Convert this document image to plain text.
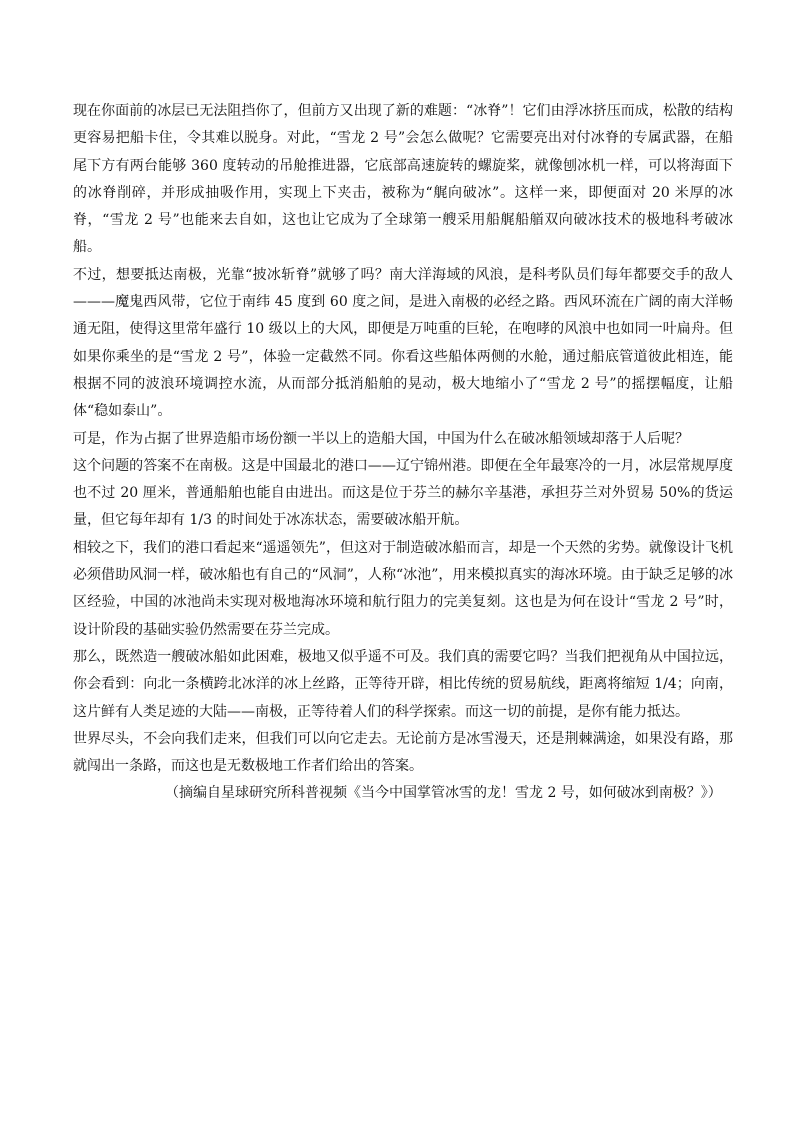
现在你面前的冰层已无法阻挡你了，但前方又出现了新的难题：“冰脊”！它们由浮冰挤压而成，松散的结构更容易把船卡住，令其难以脱身。对此，“雪龙 2 号”会怎么做呢？它需要亮出对付冰脊的专属武器，在船尾下方有两台能够 360 度转动的吊舱推进器，它底部高速旋转的螺旋桨，就像刨冰机一样，可以将海面下的冰脊削碎，并形成抽吸作用，实现上下夹击，被称为“艉向破冰”。这样一来，即便面对 20 米厚的冰脊，“雪龙 2 号”也能来去自如，这也让它成为了全球第一艘采用船艉船艏双向破冰技术的极地科考破冰船。

不过，想要抵达南极，光靠“披冰斩脊”就够了吗？南大洋海域的风浪，是科考队员们每年都要交手的敌人———魔鬼西风带，它位于南纬 45 度到 60 度之间，是进入南极的必经之路。西风环流在广阔的南大洋畅通无阻，使得这里常年盛行 10 级以上的大风，即便是万吨重的巨轮，在咆哮的风浪中也如同一叶扁舟。但如果你乘坐的是“雪龙 2 号”，体验一定截然不同。你看这些船体两侧的水舱，通过船底管道彼此相连，能根据不同的波浪环境调控水流，从而部分抵消船舶的晃动，极大地缩小了“雪龙 2 号”的摇摆幅度，让船体“稳如泰山”。

可是，作为占据了世界造船市场份额一半以上的造船大国，中国为什么在破冰船领域却落于人后呢？

这个问题的答案不在南极。这是中国最北的港口——辽宁锦州港。即便在全年最寒冷的一月，冰层常规厚度也不过 20 厘米，普通船舶也能自由进出。而这是位于芬兰的赫尔辛基港，承担芬兰对外贸易 50%的货运量，但它每年却有 1/3 的时间处于冰冻状态，需要破冰船开航。

相较之下，我们的港口看起来“遥遥领先”，但这对于制造破冰船而言，却是一个天然的劣势。就像设计飞机必须借助风洞一样，破冰船也有自己的“风洞”，人称“冰池”，用来模拟真实的海冰环境。由于缺乏足够的冰区经验，中国的冰池尚未实现对极地海冰环境和航行阻力的完美复刻。这也是为何在设计“雪龙 2 号”时，设计阶段的基础实验仍然需要在芬兰完成。

那么，既然造一艘破冰船如此困难，极地又似乎遥不可及。我们真的需要它吗？当我们把视角从中国拉远，你会看到：向北一条横跨北冰洋的冰上丝路，正等待开辟，相比传统的贸易航线，距离将缩短 1/4；向南，这片鲜有人类足迹的大陆——南极，正等待着人们的科学探索。而这一切的前提，是你有能力抵达。

世界尽头，不会向我们走来，但我们可以向它走去。无论前方是冰雪漫天，还是荆棘满途，如果没有路，那就闯出一条路，而这也是无数极地工作者们给出的答案。

（摘编自星球研究所科普视频《当今中国掌管冰雪的龙！雪龙 2 号，如何破冰到南极？》）
